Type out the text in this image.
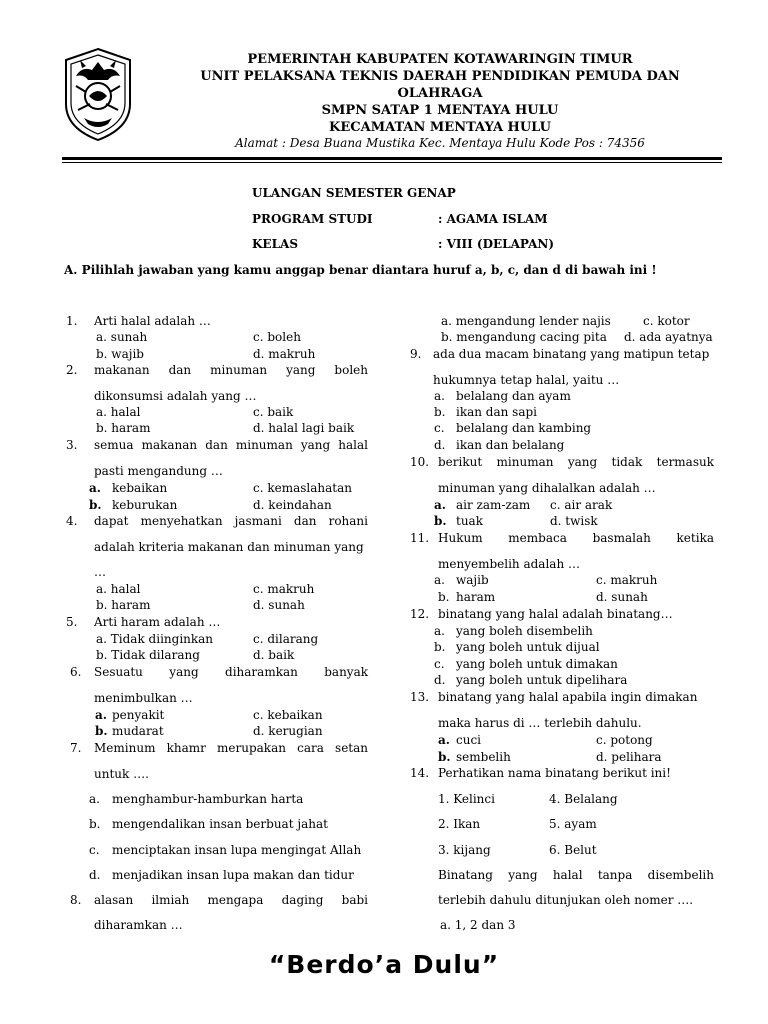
PEMERINTAH KABUPATEN KOTAWARINGIN TIMUR
UNIT PELAKSANA TEKNIS DAERAH PENDIDIKAN PEMUDA DAN
OLAHRAGA
SMPN SATAP 1 MENTAYA HULU
KECAMATAN MENTAYA HULU
Alamat : Desa Buana Mustika Kec. Mentaya Hulu Kode Pos : 74356
ULANGAN SEMESTER GENAP
PROGRAM STUDI	: AGAMA ISLAM
KELAS	: VIII (DELAPAN)
A. Pilihlah jawaban yang kamu anggap benar diantara huruf a, b, c, dan d di bawah ini !
1. Arti halal adalah …
a. sunah	c. boleh
b. wajib	d. makruh
2. makanan dan minuman yang boleh
dikonsumsi adalah yang …
a. halal	c. baik
b. haram	d. halal lagi baik
3. semua makanan dan minuman yang halal
pasti mengandung …
a. kebaikan	c. kemaslahatan
b. keburukan	d. keindahan
4. dapat menyehatkan jasmani dan rohani
adalah kriteria makanan dan minuman yang
…
a. halal	c. makruh
b. haram	d. sunah
5. Arti haram adalah …
a. Tidak diinginkan	c. dilarang
b. Tidak dilarang	d. baik
6. Sesuatu yang diharamkan banyak
menimbulkan …
a. penyakit	c. kebaikan
b. mudarat	d. kerugian
7. Meminum khamr merupakan cara setan
untuk ….
a. menghambur-hamburkan harta
b. mengendalikan insan berbuat jahat
c. menciptakan insan lupa mengingat Allah
d. menjadikan insan lupa makan dan tidur
8. alasan ilmiah mengapa daging babi
diharamkan …
a. mengandung lender najis	c. kotor
b. mengandung cacing pita d. ada ayatnya
9. ada dua macam binatang yang matipun tetap
hukumnya tetap halal, yaitu …
a. belalang dan ayam
b. ikan dan sapi
c. belalang dan kambing
d. ikan dan belalang
10. berikut minuman yang tidak termasuk
minuman yang dihalalkan adalah …
a. air zam-zam c. air arak
b. tuak	d. twisk
11. Hukum membaca basmalah ketika
menyembelih adalah …
a. wajib	c. makruh
b. haram	d. sunah
12. binatang yang halal adalah binatang…
a. yang boleh disembelih
b. yang boleh untuk dijual
c. yang boleh untuk dimakan
d. yang boleh untuk dipelihara
13. binatang yang halal apabila ingin dimakan
maka harus di … terlebih dahulu.
a. cuci	c. potong
b. sembelih	d. pelihara
14. Perhatikan nama binatang berikut ini!
1. Kelinci	4. Belalang
2. Ikan	5. ayam
3. kijang	6. Belut
Binatang yang halal tanpa disembelih
terlebih dahulu ditunjukan oleh nomer ….
a. 1, 2 dan 3
“Berdo’a Dulu”
